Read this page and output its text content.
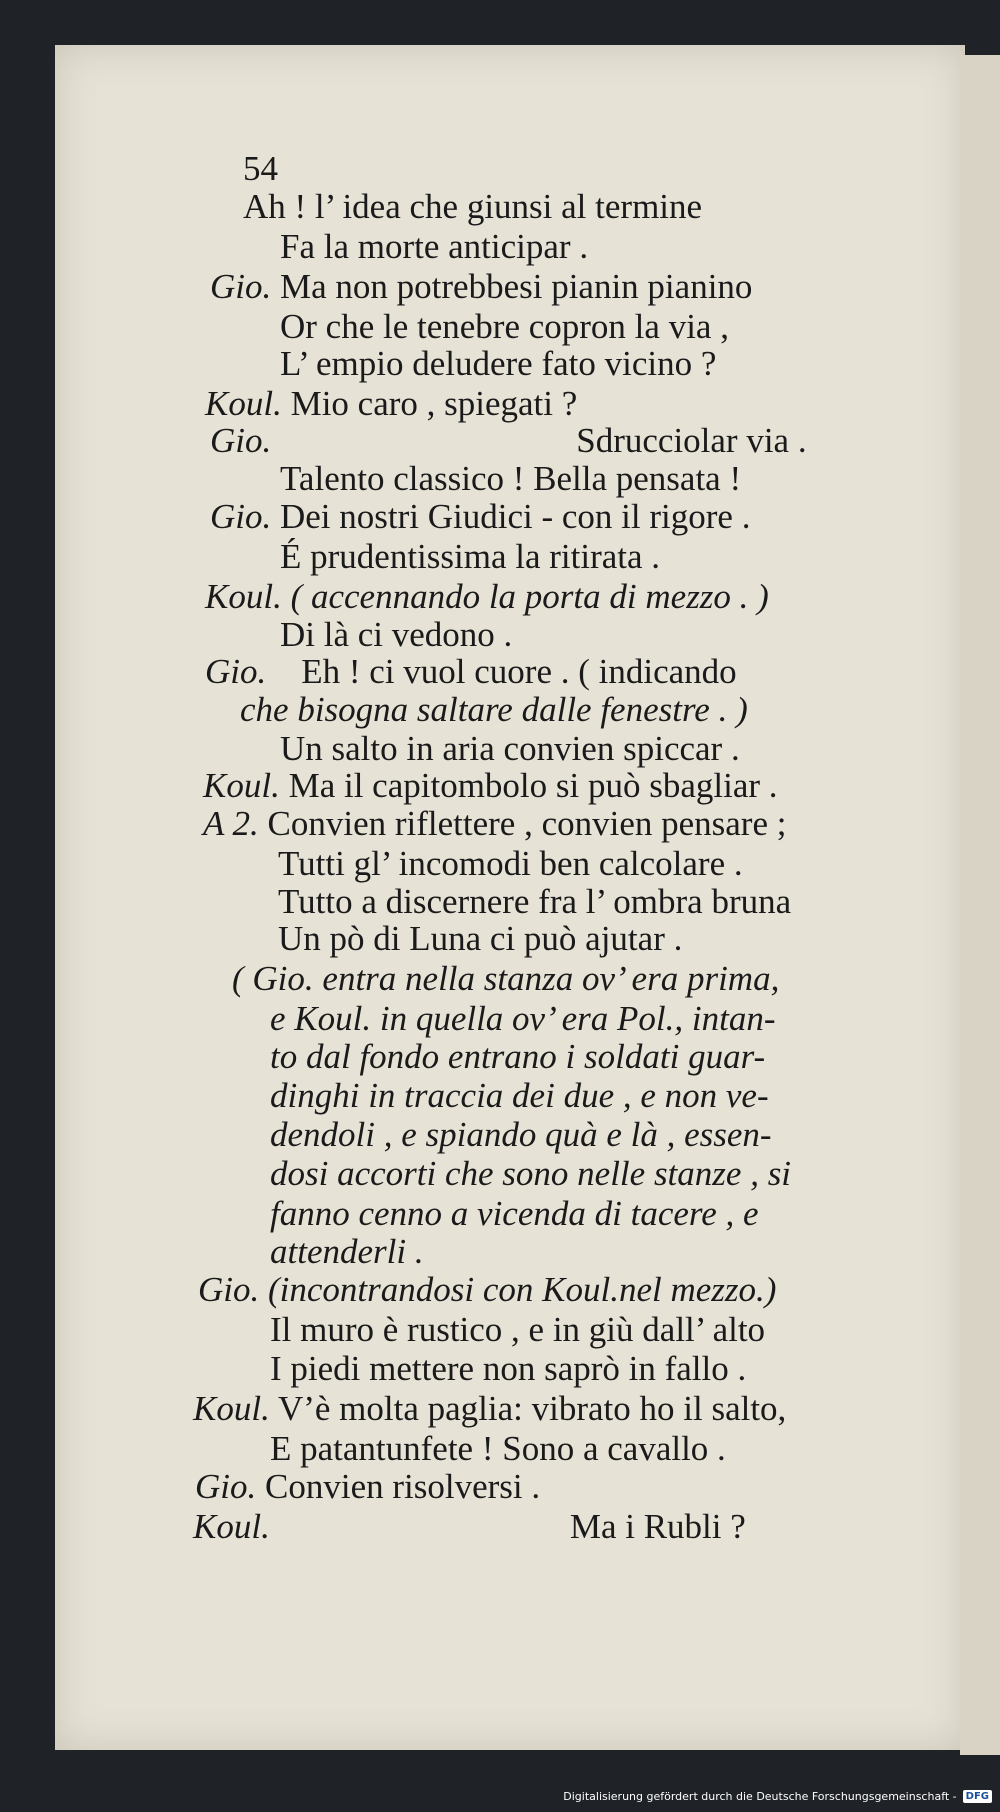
54
Ah ! l’ idea che giunsi al termine
Fa la morte anticipar .
Gio. Ma non potrebbesi pianin pianino
Or che le tenebre copron la via ,
L’ empio deludere fato vicino ?
Koul. Mio caro , spiegati ?
Gio.	Sdrucciolar via .
Talento classico ! Bella pensata !
Gio. Dei nostri Giudici - con il rigore .
É prudentissima la ritirata .
Koul. ( accennando la porta di mezzo . )
Di là ci vedono .
Gio. Eh ! ci vuol cuore . ( indicando
che bisogna saltare dalle fenestre . )
Un salto in aria convien spiccar .
Koul. Ma il capitombolo si può sbagliar .
A 2. Convien riflettere , convien pensare ;
Tutti gl’ incomodi ben calcolare .
Tutto a discernere fra l’ ombra bruna
Un pò di Luna ci può ajutar .
( Gio. entra nella stanza ov’ era prima,
e Koul. in quella ov’ era Pol., intan-
to dal fondo entrano i soldati guar-
dinghi in traccia dei due , e non ve-
dendoli , e spiando quà e là , essen-
dosi accorti che sono nelle stanze , si
fanno cenno a vicenda di tacere , e
attenderli .
Gio. (incontrandosi con Koul.nel mezzo.)
Il muro è rustico , e in giù dall’ alto
I piedi mettere non saprò in fallo .
Koul. V’è molta paglia: vibrato ho il salto,
E patantunfete ! Sono a cavallo .
Gio. Convien risolversi .
Koul.	Ma i Rubli ?
Digitalisierung gefördert durch die Deutsche Forschungsgemeinschaft - DFG
